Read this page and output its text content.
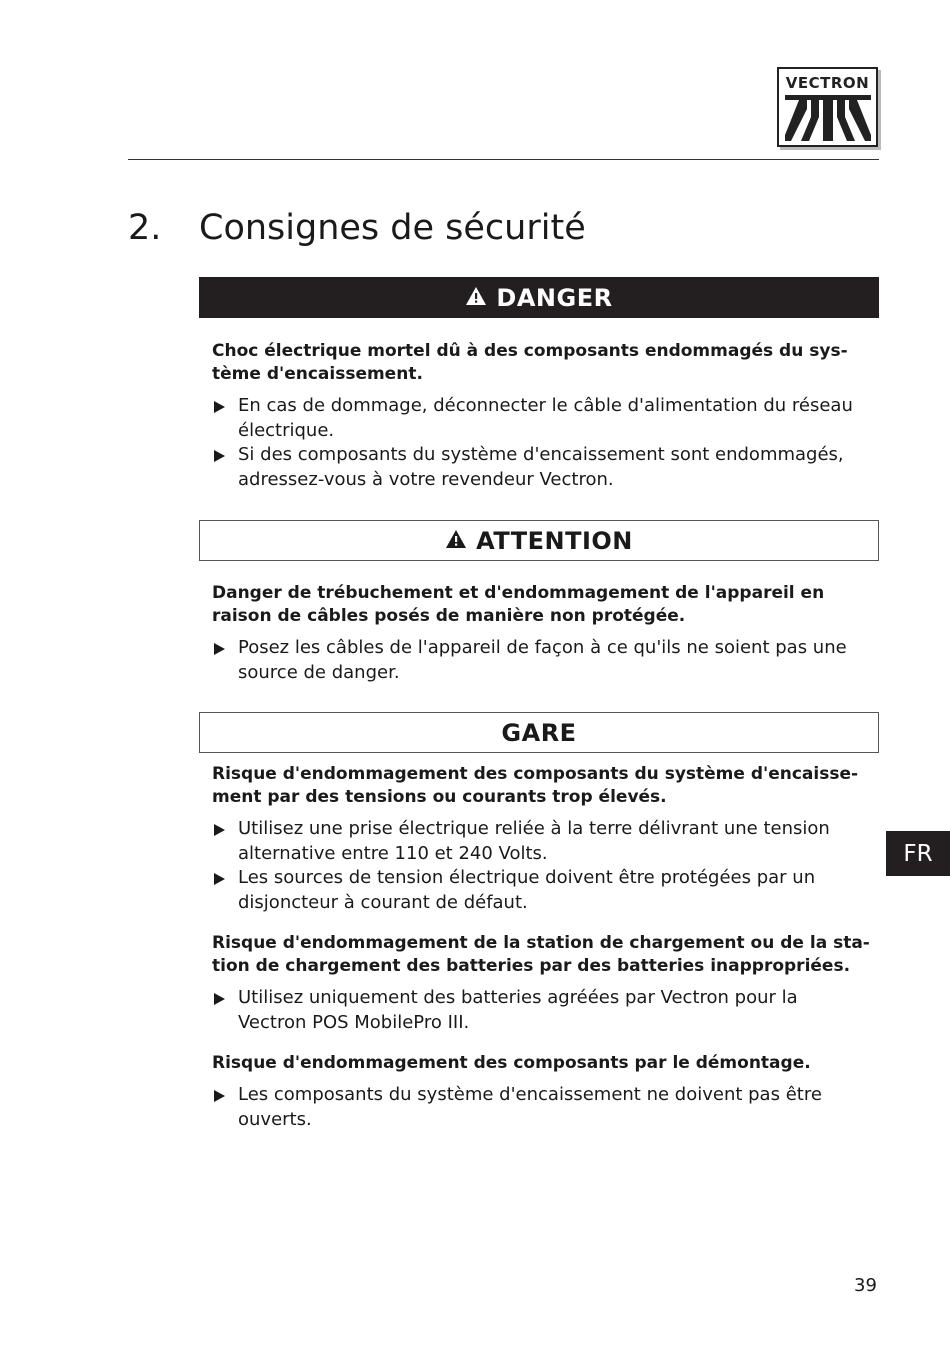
VECTRON
2. Consignes de sécurité
DANGER

Choc électrique mortel dû à des composants endommagés du sys-
tème d'encaissement.

En cas de dommage, déconnecter le câble d'alimentation du réseau
électrique.
Si des composants du système d'encaissement sont endommagés,
adressez-vous à votre revendeur Vectron.
ATTENTION

Danger de trébuchement et d'endommagement de l'appareil en
raison de câbles posés de manière non protégée.

Posez les câbles de l'appareil de façon à ce qu'ils ne soient pas une
source de danger.
GARE

Risque d'endommagement des composants du système d'encaisse-
ment par des tensions ou courants trop élevés.

Utilisez une prise électrique reliée à la terre délivrant une tension
alternative entre 110 et 240 Volts.
Les sources de tension électrique doivent être protégées par un
disjoncteur à courant de défaut.

Risque d'endommagement de la station de chargement ou de la sta-
tion de chargement des batteries par des batteries inappropriées.

Utilisez uniquement des batteries agréées par Vectron pour la
Vectron POS MobilePro III.

Risque d'endommagement des composants par le démontage.

Les composants du système d'encaissement ne doivent pas être
ouverts.
FR
39
